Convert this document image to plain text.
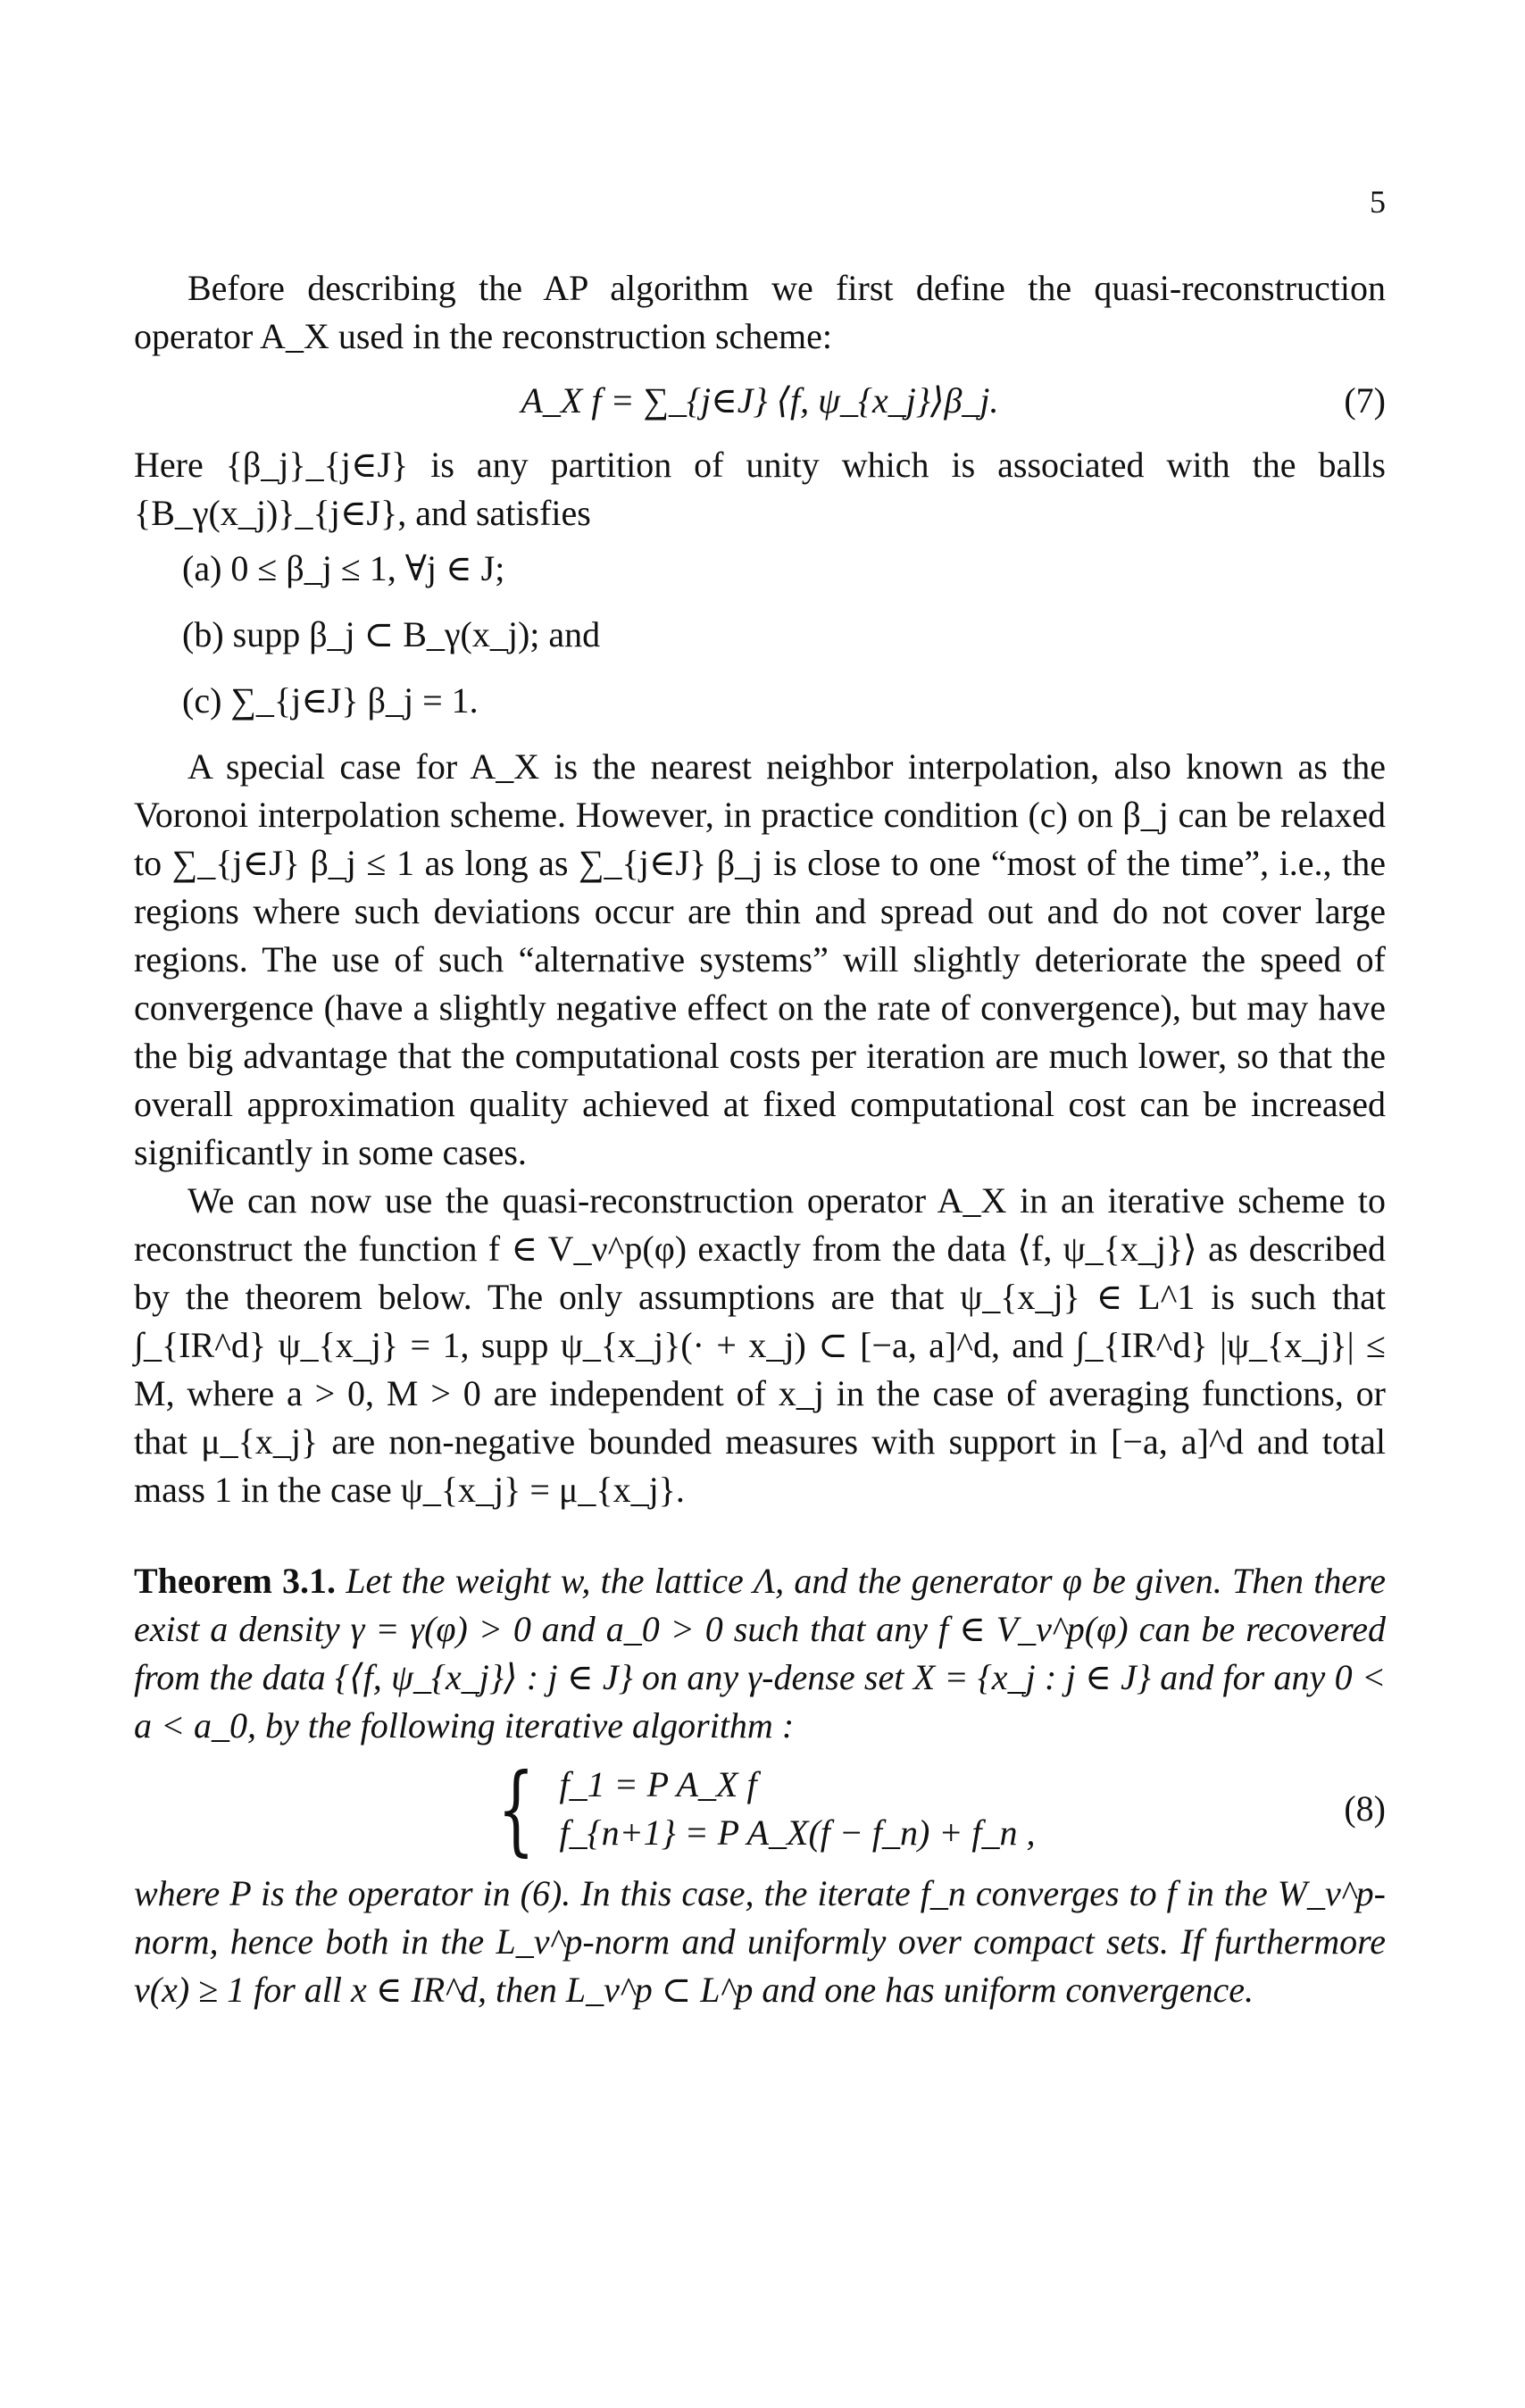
5

Before describing the AP algorithm we first define the quasi-reconstruction operator A_X used in the reconstruction scheme:

A_X f = ∑_{j∈J} ⟨f, ψ_{x_j}⟩β_j.	(7)

Here {β_j}_{j∈J} is any partition of unity which is associated with the balls {B_γ(x_j)}_{j∈J}, and satisfies

(a) 0 ≤ β_j ≤ 1, ∀j ∈ J;
(b) supp β_j ⊂ B_γ(x_j); and
(c) ∑_{j∈J} β_j = 1.

A special case for A_X is the nearest neighbor interpolation, also known as the Voronoi interpolation scheme. However, in practice condition (c) on β_j can be relaxed to ∑_{j∈J} β_j ≤ 1 as long as ∑_{j∈J} β_j is close to one “most of the time”, i.e., the regions where such deviations occur are thin and spread out and do not cover large regions. The use of such “alternative systems” will slightly deteriorate the speed of convergence (have a slightly negative effect on the rate of convergence), but may have the big advantage that the computational costs per iteration are much lower, so that the overall approximation quality achieved at fixed computational cost can be increased significantly in some cases.

We can now use the quasi-reconstruction operator A_X in an iterative scheme to reconstruct the function f ∈ V_ν^p(φ) exactly from the data ⟨f, ψ_{x_j}⟩ as described by the theorem below. The only assumptions are that ψ_{x_j} ∈ L^1 is such that ∫_{IR^d} ψ_{x_j} = 1, supp ψ_{x_j}(· + x_j) ⊂ [−a, a]^d, and ∫_{IR^d} |ψ_{x_j}| ≤ M, where a > 0, M > 0 are independent of x_j in the case of averaging functions, or that μ_{x_j} are non-negative bounded measures with support in [−a, a]^d and total mass 1 in the case ψ_{x_j} = μ_{x_j}.

Theorem 3.1. Let the weight w, the lattice Λ, and the generator φ be given. Then there exist a density γ = γ(φ) > 0 and a_0 > 0 such that any f ∈ V_ν^p(φ) can be recovered from the data {⟨f, ψ_{x_j}⟩ : j ∈ J} on any γ-dense set X = {x_j : j ∈ J} and for any 0 < a < a_0, by the following iterative algorithm :

{ f_1 = P A_X f
f_{n+1} = P A_X(f − f_n) + f_n ,
(8)

where P is the operator in (6). In this case, the iterate f_n converges to f in the W_ν^p-norm, hence both in the L_ν^p-norm and uniformly over compact sets. If furthermore ν(x) ≥ 1 for all x ∈ IR^d, then L_ν^p ⊂ L^p and one has uniform convergence.
